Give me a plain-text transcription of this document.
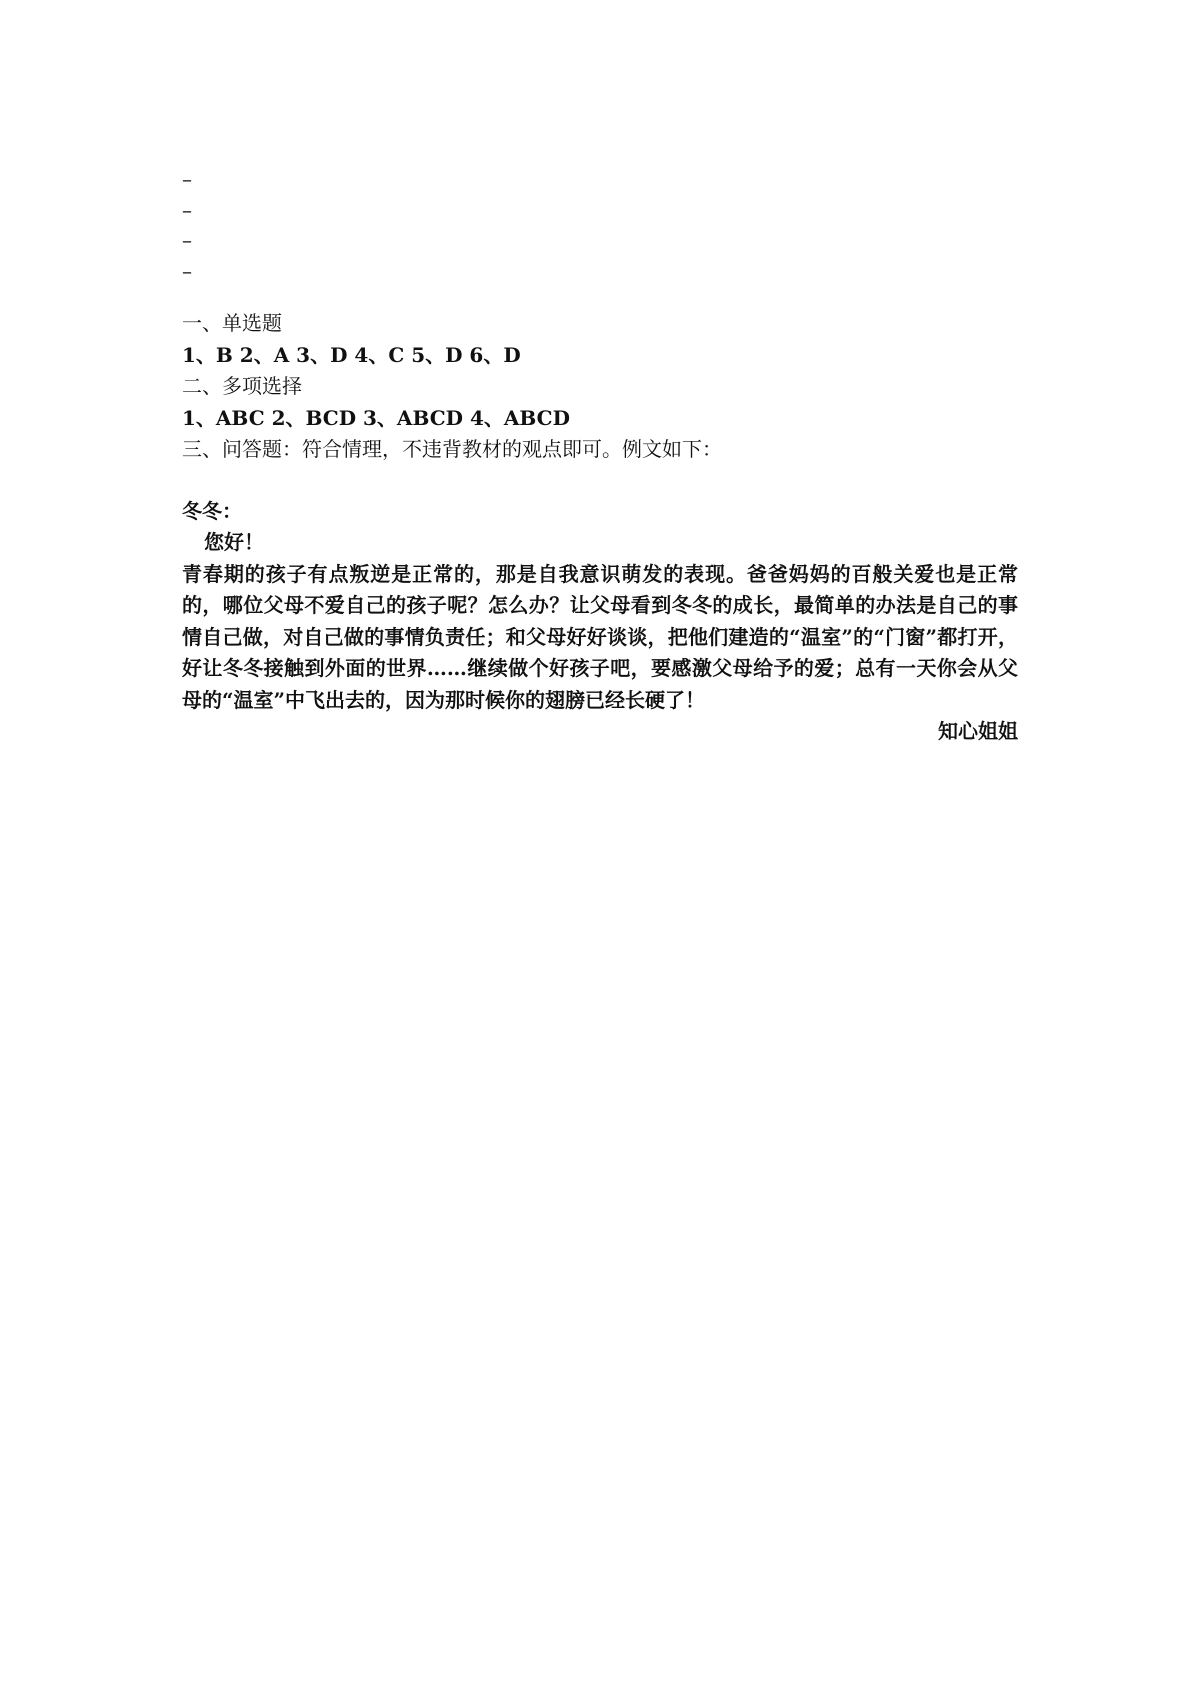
–
–
–
–
一、单选题
1、B 2、A 3、D 4、C 5、D 6、D
二、多项选择
1、ABC 2、BCD 3、ABCD 4、ABCD
三、问答题：符合情理，不违背教材的观点即可。例文如下：
冬冬：
您好！
青春期的孩子有点叛逆是正常的，那是自我意识萌发的表现。爸爸妈妈的百般关爱也是正常的，哪位父母不爱自己的孩子呢？怎么办？让父母看到冬冬的成长，最简单的办法是自己的事情自己做，对自己做的事情负责任；和父母好好谈谈，把他们建造的“温室”的“门窗”都打开，好让冬冬接触到外面的世界……继续做个好孩子吧，要感激父母给予的爱；总有一天你会从父母的“温室”中飞出去的，因为那时候你的翅膀已经长硬了！
知心姐姐
